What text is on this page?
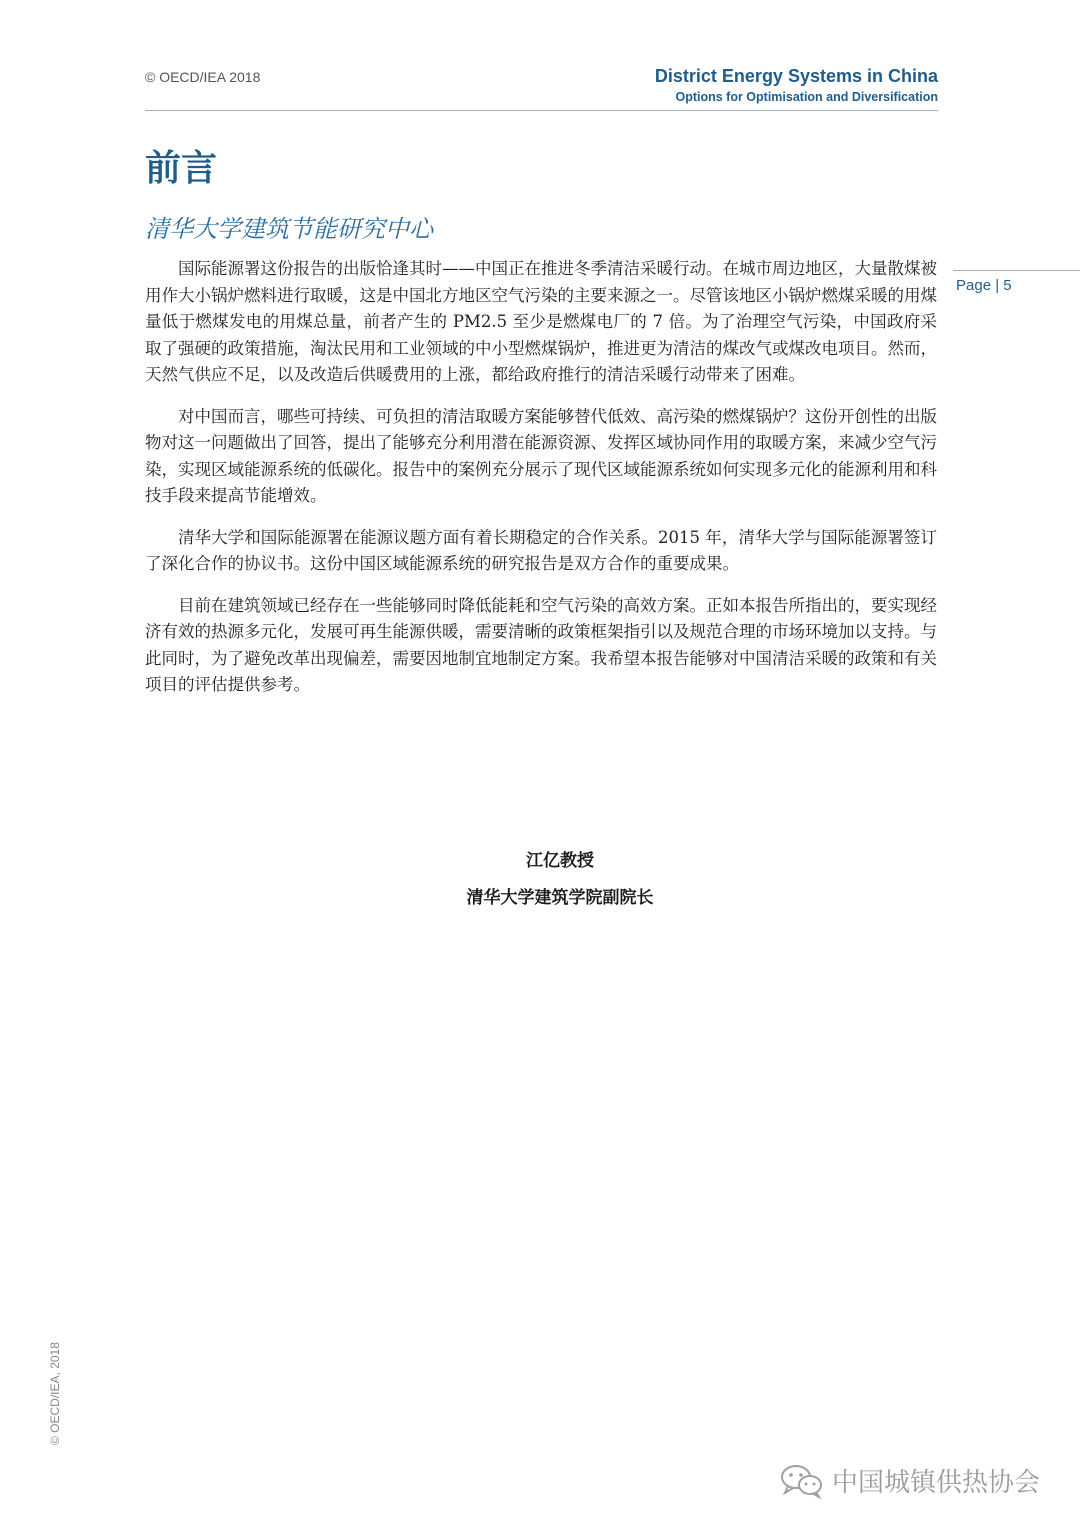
© OECD/IEA 2018	District Energy Systems in China
Options for Optimisation and Diversification
Page | 5
前言
清华大学建筑节能研究中心

国际能源署这份报告的出版恰逢其时——中国正在推进冬季清洁采暖行动。在城市周边地区，大量散煤被用作大小锅炉燃料进行取暖，这是中国北方地区空气污染的主要来源之一。尽管该地区小锅炉燃煤采暖的用煤量低于燃煤发电的用煤总量，前者产生的 PM2.5 至少是燃煤电厂的 7 倍。为了治理空气污染，中国政府采取了强硬的政策措施，淘汰民用和工业领域的中小型燃煤锅炉，推进更为清洁的煤改气或煤改电项目。然而，天然气供应不足，以及改造后供暖费用的上涨，都给政府推行的清洁采暖行动带来了困难。

对中国而言，哪些可持续、可负担的清洁取暖方案能够替代低效、高污染的燃煤锅炉？这份开创性的出版物对这一问题做出了回答，提出了能够充分利用潜在能源资源、发挥区域协同作用的取暖方案，来减少空气污染，实现区域能源系统的低碳化。报告中的案例充分展示了现代区域能源系统如何实现多元化的能源利用和科技手段来提高节能增效。

清华大学和国际能源署在能源议题方面有着长期稳定的合作关系。2015 年，清华大学与国际能源署签订了深化合作的协议书。这份中国区域能源系统的研究报告是双方合作的重要成果。

目前在建筑领域已经存在一些能够同时降低能耗和空气污染的高效方案。正如本报告所指出的，要实现经济有效的热源多元化，发展可再生能源供暖，需要清晰的政策框架指引以及规范合理的市场环境加以支持。与此同时，为了避免改革出现偏差，需要因地制宜地制定方案。我希望本报告能够对中国清洁采暖的政策和有关项目的评估提供参考。

江亿教授
清华大学建筑学院副院长
© OECD/IEA, 2018
中国城镇供热协会
